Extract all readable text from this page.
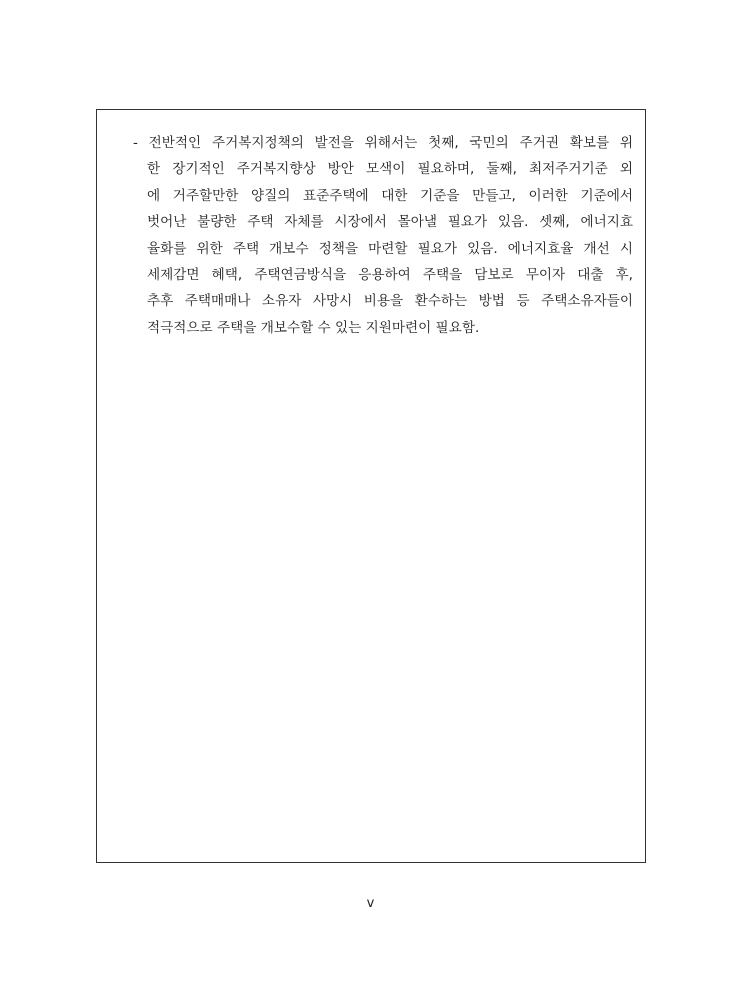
- 전반적인 주거복지정책의 발전을 위해서는 첫째, 국민의 주거권 확보를 위
한 장기적인 주거복지향상 방안 모색이 필요하며, 둘째, 최저주거기준 외
에 거주할만한 양질의 표준주택에 대한 기준을 만들고, 이러한 기준에서
벗어난 불량한 주택 자체를 시장에서 몰아낼 필요가 있음. 셋째, 에너지효
율화를 위한 주택 개보수 정책을 마련할 필요가 있음. 에너지효율 개선 시
세제감면 혜택, 주택연금방식을 응용하여 주택을 담보로 무이자 대출 후,
추후 주택매매나 소유자 사망시 비용을 환수하는 방법 등 주택소유자들이
적극적으로 주택을 개보수할 수 있는 지원마련이 필요함.
v
